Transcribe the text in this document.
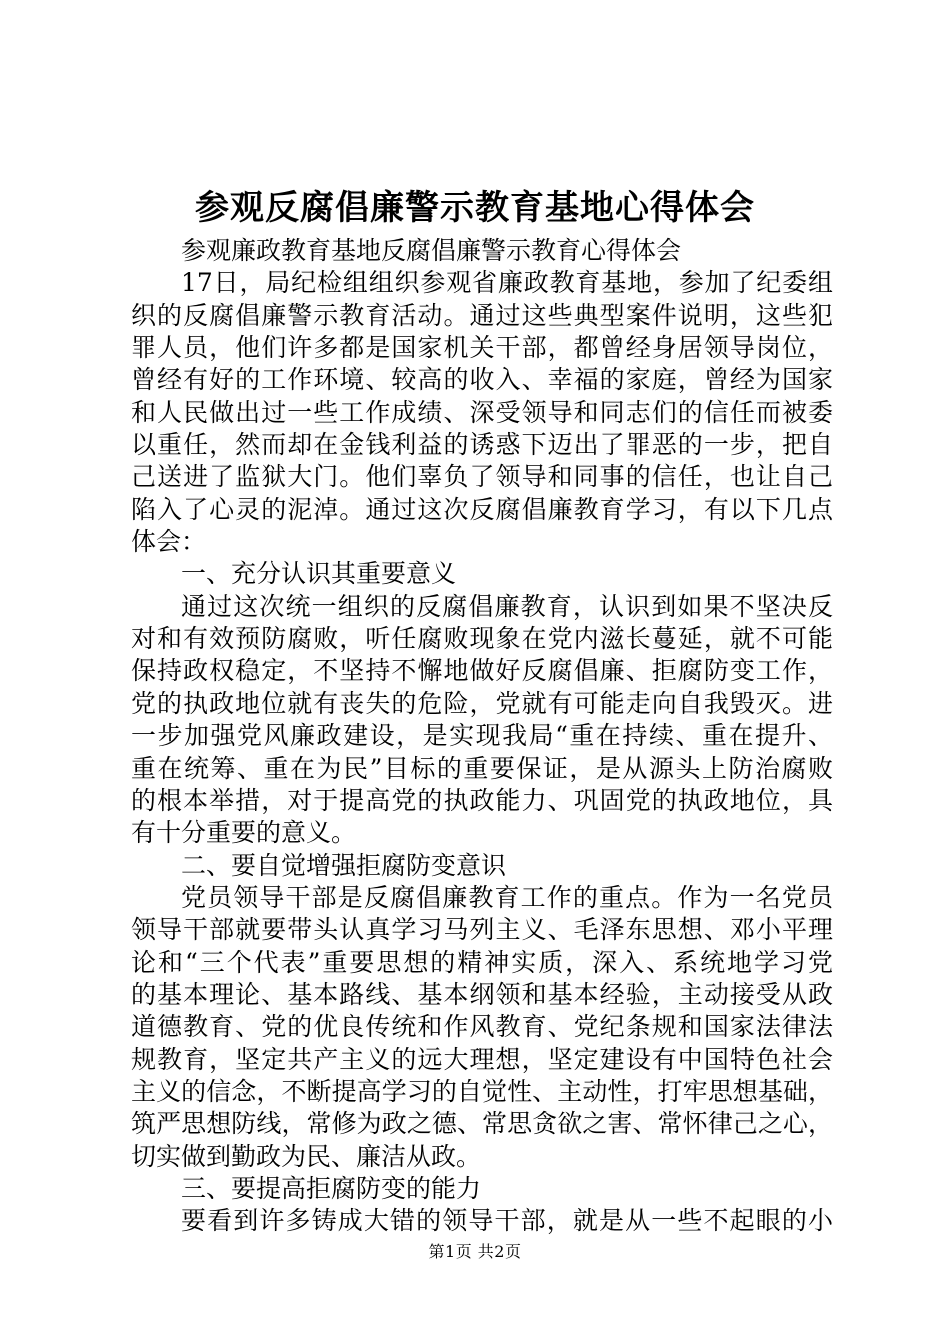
参观反腐倡廉警示教育基地心得体会
参观廉政教育基地反腐倡廉警示教育心得体会
17日，局纪检组组织参观省廉政教育基地，参加了纪委组
织的反腐倡廉警示教育活动。通过这些典型案件说明，这些犯
罪人员，他们许多都是国家机关干部，都曾经身居领导岗位，
曾经有好的工作环境、较高的收入、幸福的家庭，曾经为国家
和人民做出过一些工作成绩、深受领导和同志们的信任而被委
以重任，然而却在金钱利益的诱惑下迈出了罪恶的一步，把自
己送进了监狱大门。他们辜负了领导和同事的信任，也让自己
陷入了心灵的泥淖。通过这次反腐倡廉教育学习，有以下几点
体会：
一、充分认识其重要意义
通过这次统一组织的反腐倡廉教育，认识到如果不坚决反
对和有效预防腐败，听任腐败现象在党内滋长蔓延，就不可能
保持政权稳定，不坚持不懈地做好反腐倡廉、拒腐防变工作，
党的执政地位就有丧失的危险，党就有可能走向自我毁灭。进
一步加强党风廉政建设，是实现我局“重在持续、重在提升、
重在统筹、重在为民”目标的重要保证，是从源头上防治腐败
的根本举措，对于提高党的执政能力、巩固党的执政地位，具
有十分重要的意义。
二、要自觉增强拒腐防变意识
党员领导干部是反腐倡廉教育工作的重点。作为一名党员
领导干部就要带头认真学习马列主义、毛泽东思想、邓小平理
论和“三个代表”重要思想的精神实质，深入、系统地学习党
的基本理论、基本路线、基本纲领和基本经验，主动接受从政
道德教育、党的优良传统和作风教育、党纪条规和国家法律法
规教育，坚定共产主义的远大理想，坚定建设有中国特色社会
主义的信念，不断提高学习的自觉性、主动性，打牢思想基础，
筑严思想防线，常修为政之德、常思贪欲之害、常怀律己之心，
切实做到勤政为民、廉洁从政。
三、要提高拒腐防变的能力
要看到许多铸成大错的领导干部，就是从一些不起眼的小
第1页 共2页
